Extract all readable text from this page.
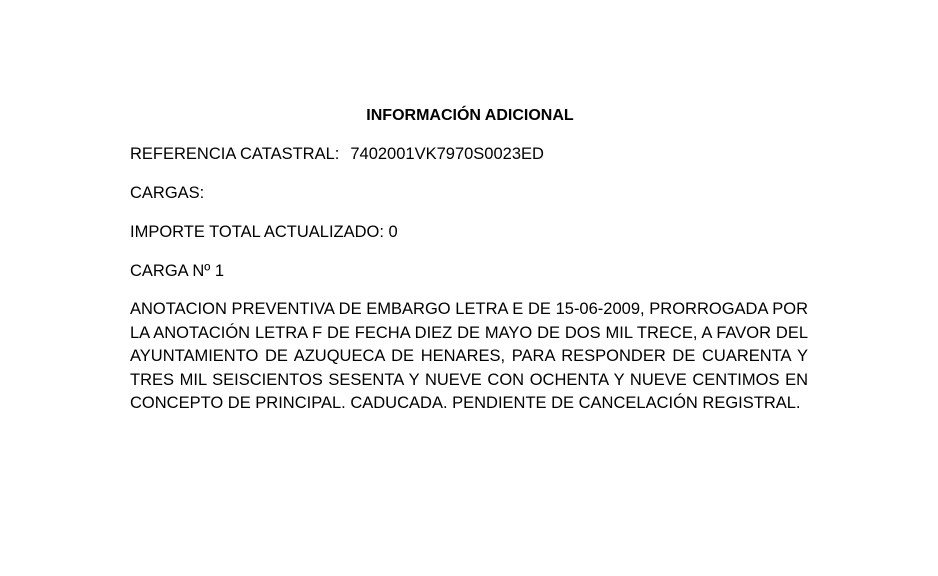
INFORMACIÓN ADICIONAL
REFERENCIA CATASTRAL: 7402001VK7970S0023ED
CARGAS:
IMPORTE TOTAL ACTUALIZADO: 0
CARGA Nº 1

ANOTACION PREVENTIVA DE EMBARGO LETRA E DE 15-06-2009, PRORROGADA POR LA ANOTACIÓN LETRA F DE FECHA DIEZ DE MAYO DE DOS MIL TRECE, A FAVOR DEL AYUNTAMIENTO DE AZUQUECA DE HENARES, PARA RESPONDER DE CUARENTA Y TRES MIL SEISCIENTOS SESENTA Y NUEVE CON OCHENTA Y NUEVE CENTIMOS EN CONCEPTO DE PRINCIPAL. CADUCADA. PENDIENTE DE CANCELACIÓN REGISTRAL.
